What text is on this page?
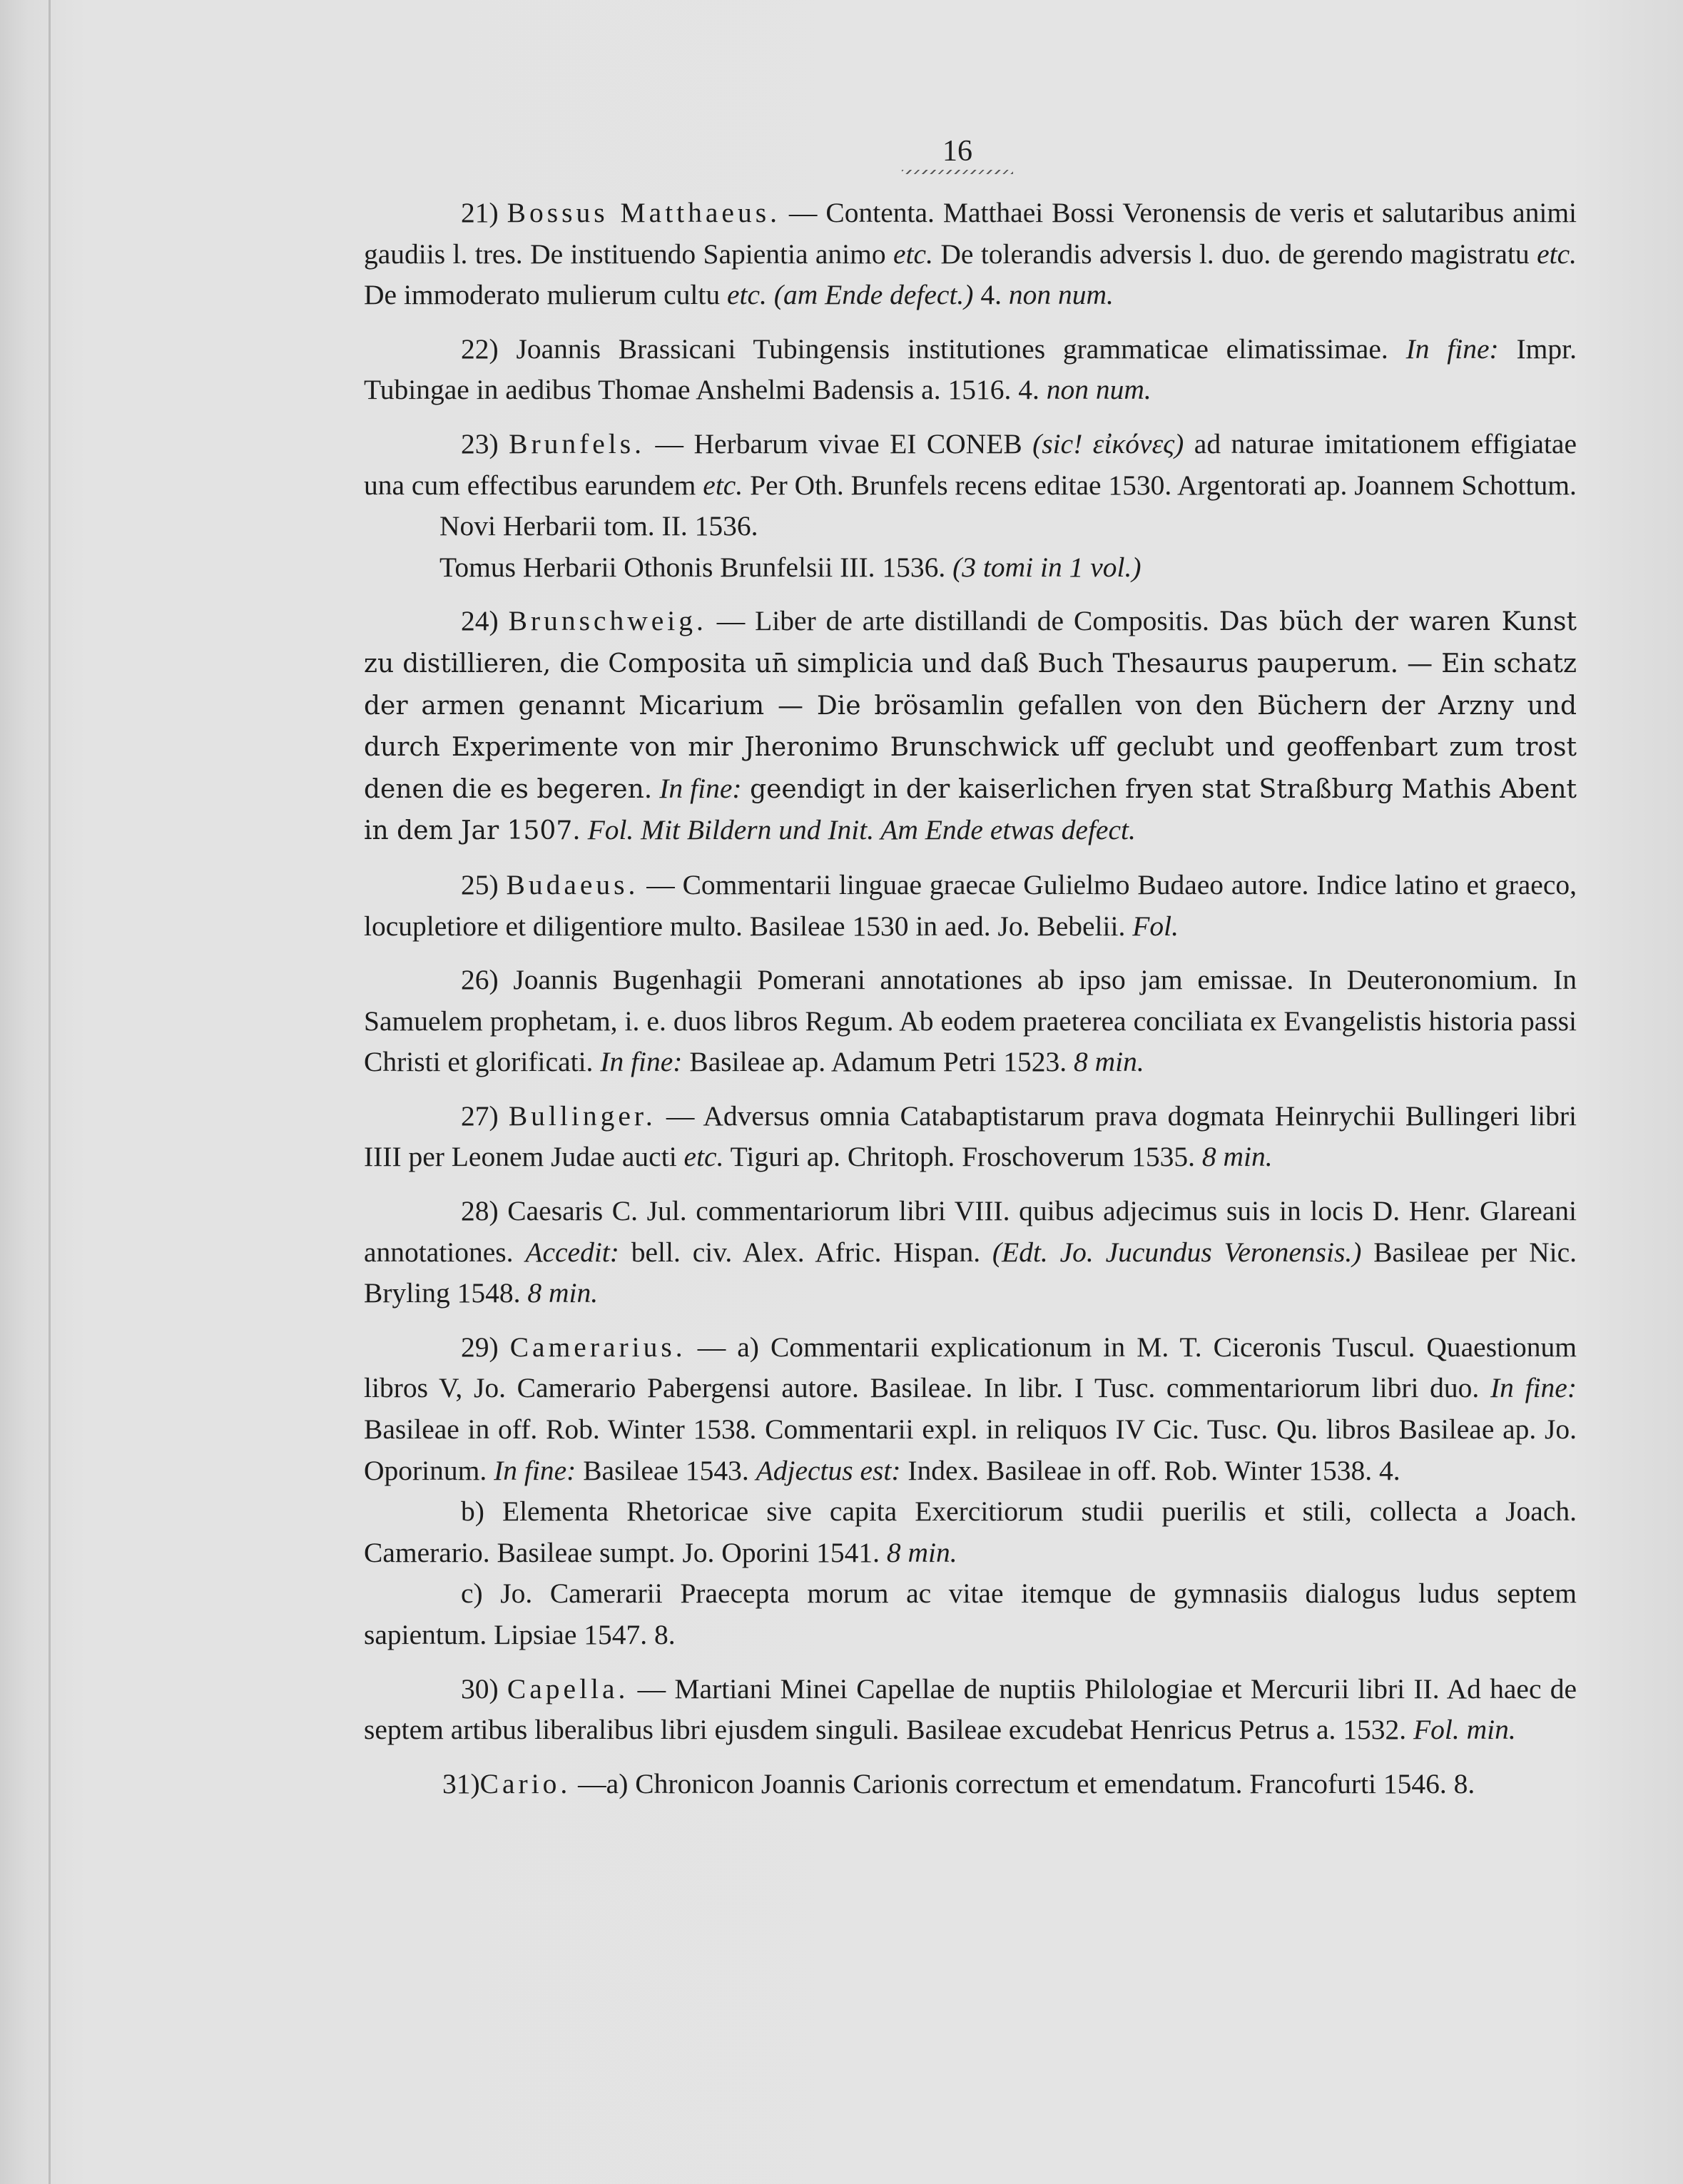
16

21) Bossus Matthaeus. — Contenta. Matthaei Bossi Veronensis de veris et salutaribus animi gaudiis l. tres. De instituendo Sapientia animo etc. De tolerandis adversis l. duo. de gerendo magistratu etc. De immoderato mulierum cultu etc. (am Ende defect.) 4. non num.

22) Joannis Brassicani Tubingensis institutiones grammaticae elimatissimae. In fine: Impr. Tubingae in aedibus Thomae Anshelmi Badensis a. 1516. 4. non num.

23) Brunfels. — Herbarum vivae EI CONEB (sic! εἰκόνες) ad naturae imitationem effigiatae una cum effectibus earundem etc. Per Oth. Brunfels recens editae 1530. Argentorati ap. Joannem Schottum.

Novi Herbarii tom. II. 1536.

Tomus Herbarii Othonis Brunfelsii III. 1536. (3 tomi in 1 vol.)

24) Brunschweig. — Liber de arte distillandi de Compositis. Das büch der waren Kunst zu distillieren, die Composita un̄ simplicia und daß Buch Thesaurus pauperum. — Ein schatz der armen genannt Micarium — Die brösamlin gefallen von den Büchern der Arzny und durch Experimente von mir Jheronimo Brunschwick uff geclubt und geoffenbart zum trost denen die es begeren. In fine: geendigt in der kaiserlichen fryen stat Straßburg Mathis Abent in dem Jar 1507. Fol. Mit Bildern und Init. Am Ende etwas defect.

25) Budaeus. — Commentarii linguae graecae Gulielmo Budaeo autore. Indice latino et graeco, locupletiore et diligentiore multo. Basileae 1530 in aed. Jo. Bebelii. Fol.

26) Joannis Bugenhagii Pomerani annotationes ab ipso jam emissae. In Deuteronomium. In Samuelem prophetam, i. e. duos libros Regum. Ab eodem praeterea conciliata ex Evangelistis historia passi Christi et glorificati. In fine: Basileae ap. Adamum Petri 1523. 8 min.

27) Bullinger. — Adversus omnia Catabaptistarum prava dogmata Heinrychii Bullingeri libri IIII per Leonem Judae aucti etc. Tiguri ap. Chritoph. Froschoverum 1535. 8 min.

28) Caesaris C. Jul. commentariorum libri VIII. quibus adjecimus suis in locis D. Henr. Glareani annotationes. Accedit: bell. civ. Alex. Afric. Hispan. (Edt. Jo. Jucundus Veronensis.) Basileae per Nic. Bryling 1548. 8 min.

29) Camerarius. — a) Commentarii explicationum in M. T. Ciceronis Tuscul. Quaestionum libros V, Jo. Camerario Pabergensi autore. Basileae. In libr. I Tusc. commentariorum libri duo. In fine: Basileae in off. Rob. Winter 1538. Commentarii expl. in reliquos IV Cic. Tusc. Qu. libros Basileae ap. Jo. Oporinum. In fine: Basileae 1543. Adjectus est: Index. Basileae in off. Rob. Winter 1538. 4.

b) Elementa Rhetoricae sive capita Exercitiorum studii puerilis et stili, collecta a Joach. Camerario. Basileae sumpt. Jo. Oporini 1541. 8 min.

c) Jo. Camerarii Praecepta morum ac vitae itemque de gymnasiis dialogus ludus septem sapientum. Lipsiae 1547. 8.

30) Capella. — Martiani Minei Capellae de nuptiis Philologiae et Mercurii libri II. Ad haec de septem artibus liberalibus libri ejusdem singuli. Basileae excudebat Henricus Petrus a. 1532. Fol. min.

31)Cario. —a) Chronicon Joannis Carionis correctum et emendatum. Francofurti 1546. 8.
